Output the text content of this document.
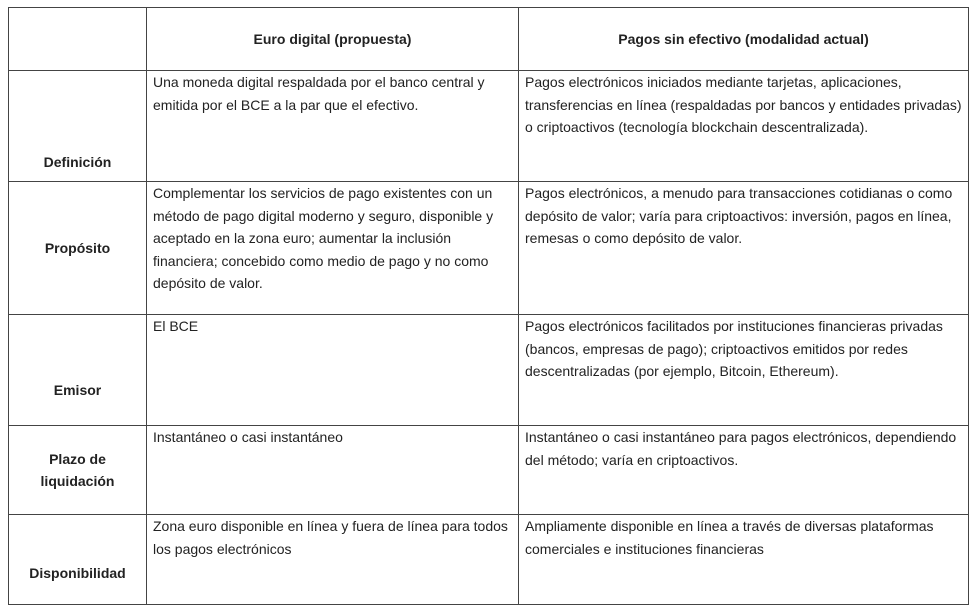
	Euro digital (propuesta)	Pagos sin efectivo (modalidad actual)
Definición	Una moneda digital respaldada por el banco central y emitida por el BCE a la par que el efectivo.	Pagos electrónicos iniciados mediante tarjetas, aplicaciones, transferencias en línea (respaldadas por bancos y entidades privadas) o criptoactivos (tecnología blockchain descentralizada).
Propósito	Complementar los servicios de pago existentes con un método de pago digital moderno y seguro, disponible y aceptado en la zona euro; aumentar la inclusión financiera; concebido como medio de pago y no como depósito de valor.	Pagos electrónicos, a menudo para transacciones cotidianas o como depósito de valor; varía para criptoactivos: inversión, pagos en línea, remesas o como depósito de valor.
Emisor	El BCE	Pagos electrónicos facilitados por instituciones financieras privadas (bancos, empresas de pago); criptoactivos emitidos por redes descentralizadas (por ejemplo, Bitcoin, Ethereum).
Plazo de liquidación	Instantáneo o casi instantáneo	Instantáneo o casi instantáneo para pagos electrónicos, dependiendo del método; varía en criptoactivos.
Disponibilidad	Zona euro disponible en línea y fuera de línea para todos los pagos electrónicos	Ampliamente disponible en línea a través de diversas plataformas comerciales e instituciones financieras
